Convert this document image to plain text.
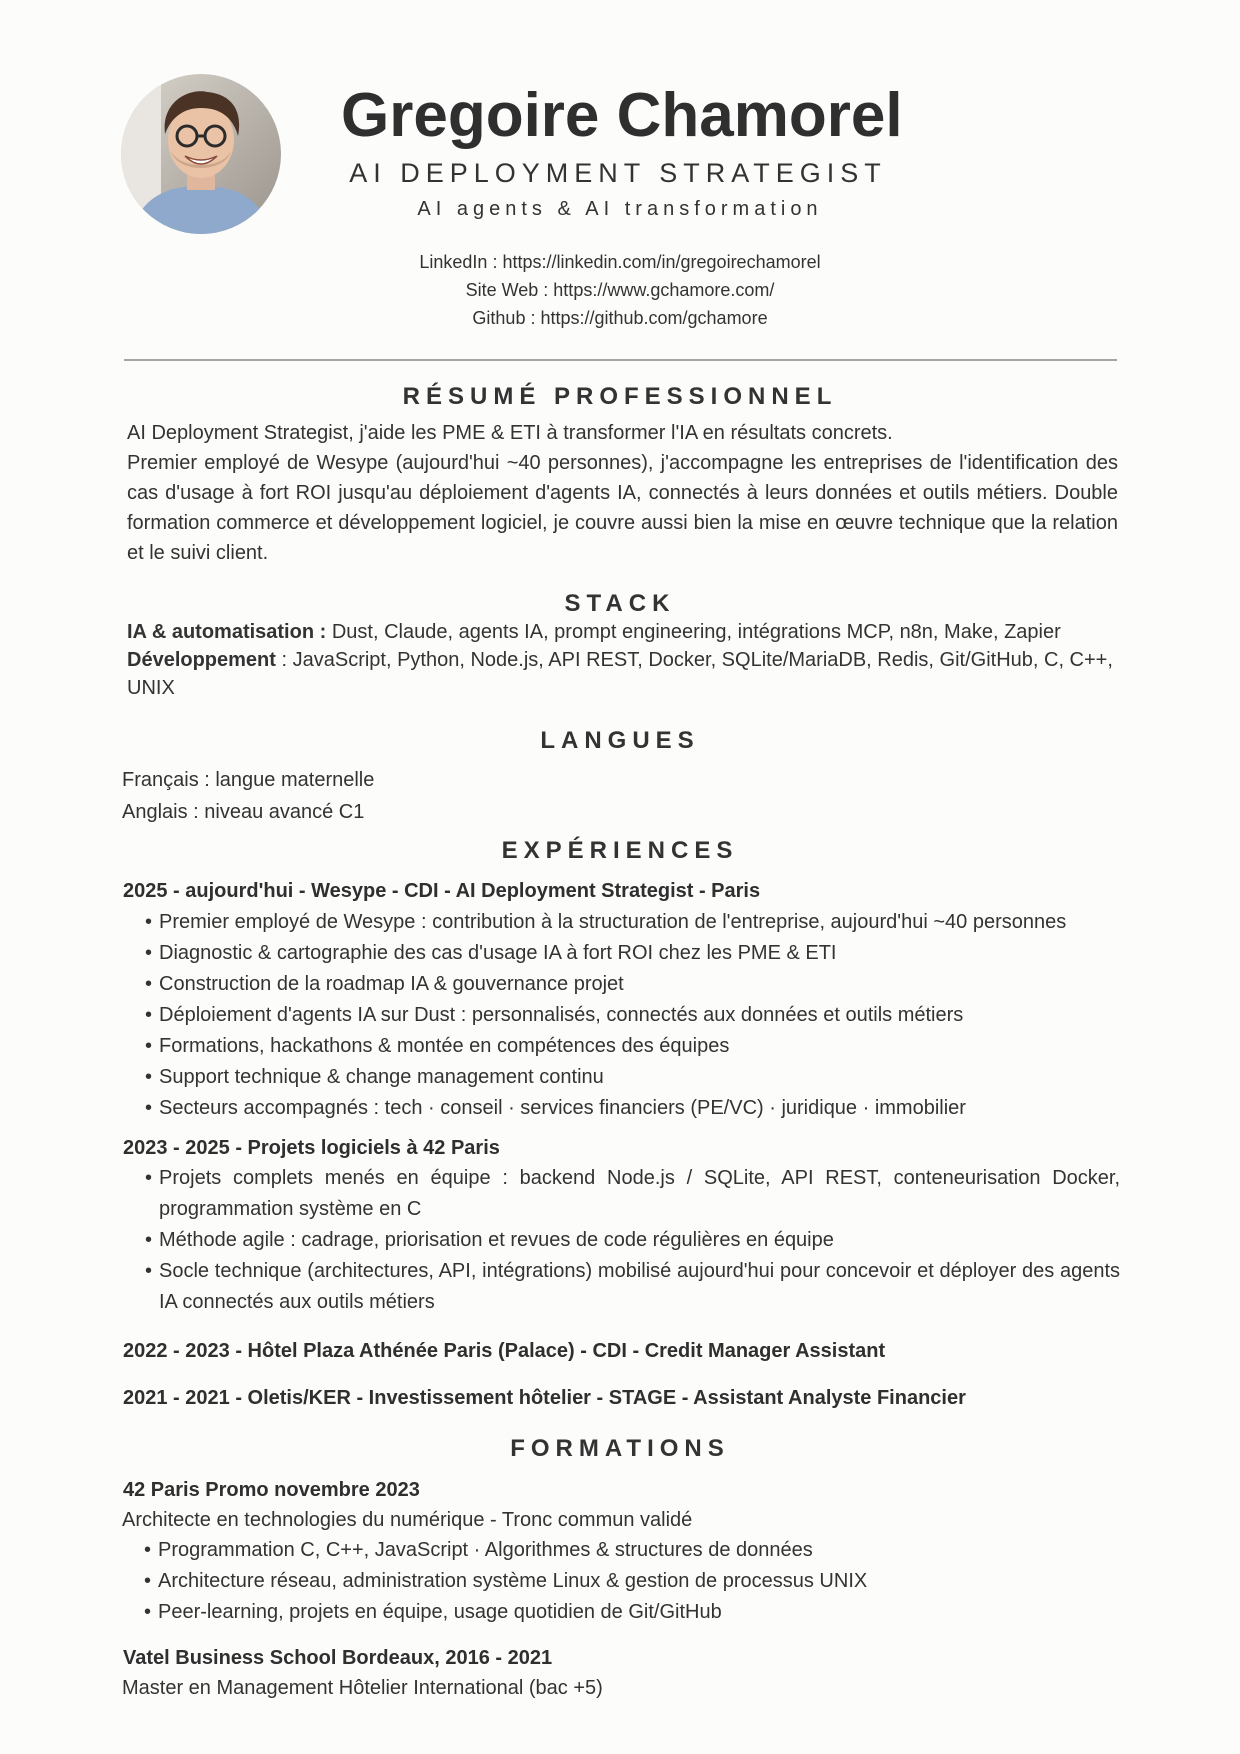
Gregoire Chamorel
AI DEPLOYMENT STRATEGIST
AI agents & AI transformation
LinkedIn : https://linkedin.com/in/gregoirechamorel
Site Web : https://www.gchamore.com/
Github : https://github.com/gchamore
RÉSUMÉ PROFESSIONNEL

AI Deployment Strategist, j'aide les PME & ETI à transformer l'IA en résultats concrets.

Premier employé de Wesype (aujourd'hui ~40 personnes), j'accompagne les entreprises de l'identification des cas d'usage à fort ROI jusqu'au déploiement d'agents IA, connectés à leurs données et outils métiers. Double formation commerce et développement logiciel, je couvre aussi bien la mise en œuvre technique que la relation et le suivi client.

STACK
IA & automatisation : Dust, Claude, agents IA, prompt engineering, intégrations MCP, n8n, Make, Zapier
Développement : JavaScript, Python, Node.js, API REST, Docker, SQLite/MariaDB, Redis, Git/GitHub, C, C++, UNIX
LANGUES
Français : langue maternelle
Anglais : niveau avancé C1
EXPÉRIENCES
2025 - aujourd'hui - Wesype - CDI - AI Deployment Strategist - Paris
• Premier employé de Wesype : contribution à la structuration de l'entreprise, aujourd'hui ~40 personnes
• Diagnostic & cartographie des cas d'usage IA à fort ROI chez les PME & ETI
• Construction de la roadmap IA & gouvernance projet
• Déploiement d'agents IA sur Dust : personnalisés, connectés aux données et outils métiers
• Formations, hackathons & montée en compétences des équipes
• Support technique & change management continu
• Secteurs accompagnés : tech · conseil · services financiers (PE/VC) · juridique · immobilier
2023 - 2025 - Projets logiciels à 42 Paris
• Projets complets menés en équipe : backend Node.js / SQLite, API REST, conteneurisation Docker, programmation système en C
• Méthode agile : cadrage, priorisation et revues de code régulières en équipe
• Socle technique (architectures, API, intégrations) mobilisé aujourd'hui pour concevoir et déployer des agents IA connectés aux outils métiers
2022 - 2023 - Hôtel Plaza Athénée Paris (Palace) - CDI - Credit Manager Assistant
2021 - 2021 - Oletis/KER - Investissement hôtelier - STAGE - Assistant Analyste Financier
FORMATIONS
42 Paris Promo novembre 2023
Architecte en technologies du numérique - Tronc commun validé
• Programmation C, C++, JavaScript · Algorithmes & structures de données
• Architecture réseau, administration système Linux & gestion de processus UNIX
• Peer-learning, projets en équipe, usage quotidien de Git/GitHub
Vatel Business School Bordeaux, 2016 - 2021
Master en Management Hôtelier International (bac +5)
